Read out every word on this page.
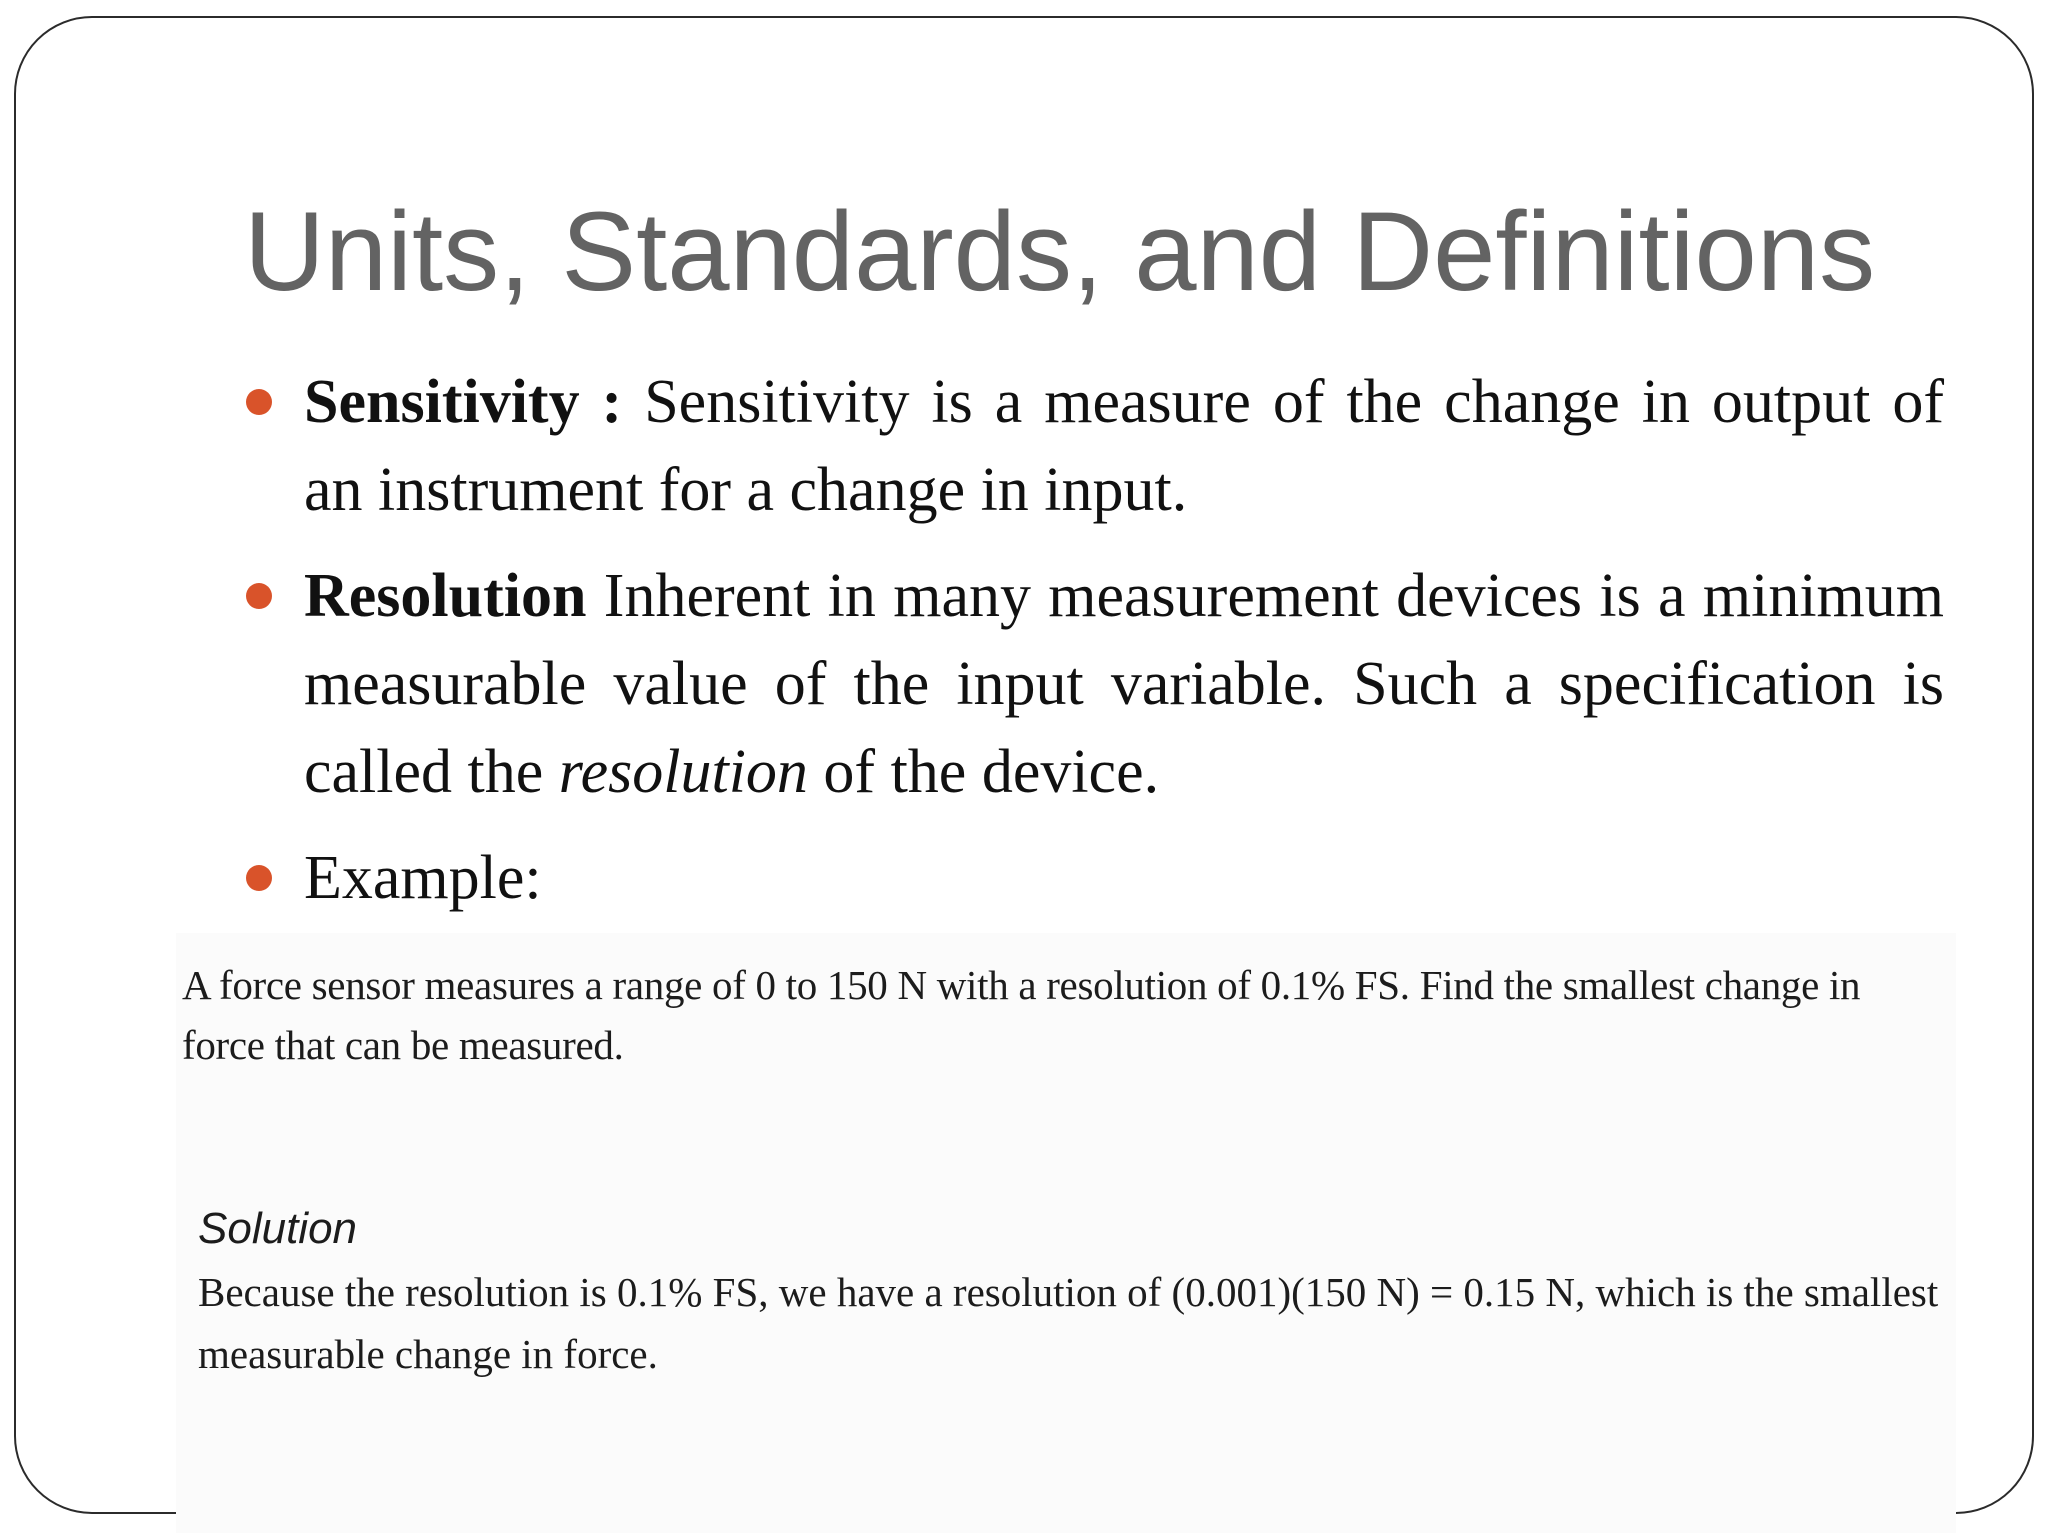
Units, Standards, and Definitions
Sensitivity : Sensitivity is a measure of the change in output of an instrument for a change in input.
Resolution Inherent in many measurement devices is a minimum measurable value of the input variable. Such a specification is called the resolution of the device.
Example:

A force sensor measures a range of 0 to 150 N with a resolution of 0.1% FS. Find the smallest change in force that can be measured.

Solution

Because the resolution is 0.1% FS, we have a resolution of (0.001)(150 N) = 0.15 N, which is the smallest measurable change in force.
